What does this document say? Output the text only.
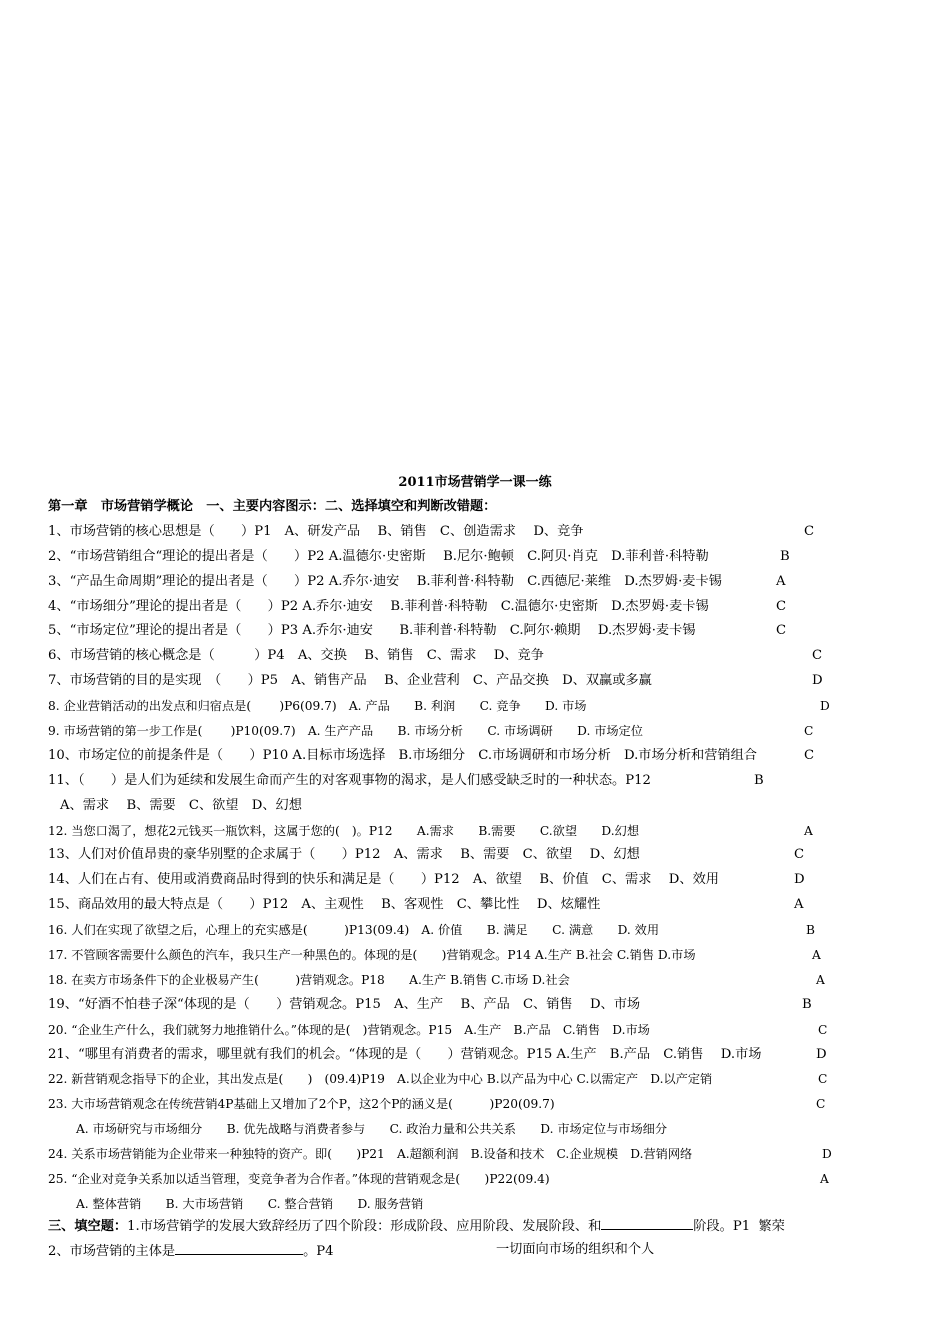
2011市场营销学一课一练
第一章　市场营销学概论　一、主要内容图示：二、选择填空和判断改错题：
1、市场营销的核心思想是（　　）P1　A、研发产品　 B、销售　C、创造需求　 D、竞争	C
2、“市场营销组合“理论的提出者是（　　）P2 A.温德尔·史密斯　 B.尼尔·鲍顿　C.阿贝·肖克　D.菲利普·科特勒	B
3、“产品生命周期”理论的提出者是（　　）P2 A.乔尔·迪安　 B.菲利普·科特勒　C.西德尼·莱维　D.杰罗姆·麦卡锡	A
4、“市场细分”理论的提出者是（　　）P2 A.乔尔·迪安　 B.菲利普·科特勒　C.温德尔·史密斯　D.杰罗姆·麦卡锡	C
5、“市场定位”理论的提出者是（　　）P3 A.乔尔·迪安　　B.菲利普·科特勒　C.阿尔·赖期　 D.杰罗姆·麦卡锡	C
6、市场营销的核心概念是（　　　）P4　A、交换　 B、销售　C、需求　 D、竞争	C
7、市场营销的目的是实现　（　　）P5　A、销售产品　 B、企业营利　C、产品交换　D、双赢或多赢	D
8. 企业营销活动的出发点和归宿点是(　　 )P6(09.7)　A. 产品　　B. 利润　　C. 竞争　　D. 市场	D
9. 市场营销的第一步工作是(　　 )P10(09.7)　A. 生产产品　　B. 市场分析　　C. 市场调研　　D. 市场定位	C
10、市场定位的前提条件是（　　）P10 A.目标市场选择　B.市场细分　C.市场调研和市场分析　D.市场分析和营销组合	C
11、（　　）是人们为延续和发展生命而产生的对客观事物的渴求，是人们感受缺乏时的一种状态。P12	B
A、需求　 B、需要　C、欲望　D、幻想
12. 当您口渴了，想花2元钱买一瓶饮料，这属于您的(　)。P12　　A.需求　　B.需要　　C.欲望　　D.幻想	A
13、人们对价值昂贵的豪华别墅的企求属于（　　）P12　A、需求　 B、需要　C、欲望　 D、幻想	C
14、人们在占有、使用或消费商品时得到的快乐和满足是（　　）P12　A、欲望　 B、价值　C、需求　 D、效用	D
15、商品效用的最大特点是（　　）P12　A、主观性　 B、客观性　C、攀比性　 D、炫耀性	A
16. 人们在实现了欲望之后，心理上的充实感是(　　　)P13(09.4)　A. 价值　　B. 满足　　C. 满意　　D. 效用	B
17. 不管顾客需要什么颜色的汽车，我只生产一种黑色的。体现的是(　　)营销观念。P14 A.生产 B.社会 C.销售 D.市场	A
18. 在卖方市场条件下的企业极易产生(　　　)营销观念。P18　　A.生产 B.销售 C.市场 D.社会	A
19、“好酒不怕巷子深“体现的是（　　）营销观念。P15　A、生产　 B、产品　C、销售　 D、市场	B
20. “企业生产什么，我们就努力地推销什么。”体现的是(　)营销观念。P15　A.生产　B.产品　C.销售　D.市场	C
21、“哪里有消费者的需求，哪里就有我们的机会。“体现的是（　　）营销观念。P15 A.生产　B.产品　C.销售　 D.市场	D
22. 新营销观念指导下的企业，其出发点是(　　)　(09.4)P19　A.以企业为中心 B.以产品为中心 C.以需定产　D.以产定销	C
23. 大市场营销观念在传统营销4P基础上又增加了2个P，这2个P的涵义是(　　　)P20(09.7)	C
A. 市场研究与市场细分　　B. 优先战略与消费者参与　　C. 政治力量和公共关系　　D. 市场定位与市场细分
24. 关系市场营销能为企业带来一种独特的资产。即(　　)P21　A.超额利润　B.设备和技术　C.企业规模　D.营销网络	D
25. “企业对竞争关系加以适当管理，变竞争者为合作者。”体现的营销观念是(　　)P22(09.4)	A
A. 整体营销　　B. 大市场营销　　C. 整合营销　　D. 服务营销
三、填空题：1.市场营销学的发展大致辞经历了四个阶段：形成阶段、应用阶段、发展阶段、和	阶段。P1 繁荣
2、市场营销的主体是	。P4	一切面向市场的组织和个人
